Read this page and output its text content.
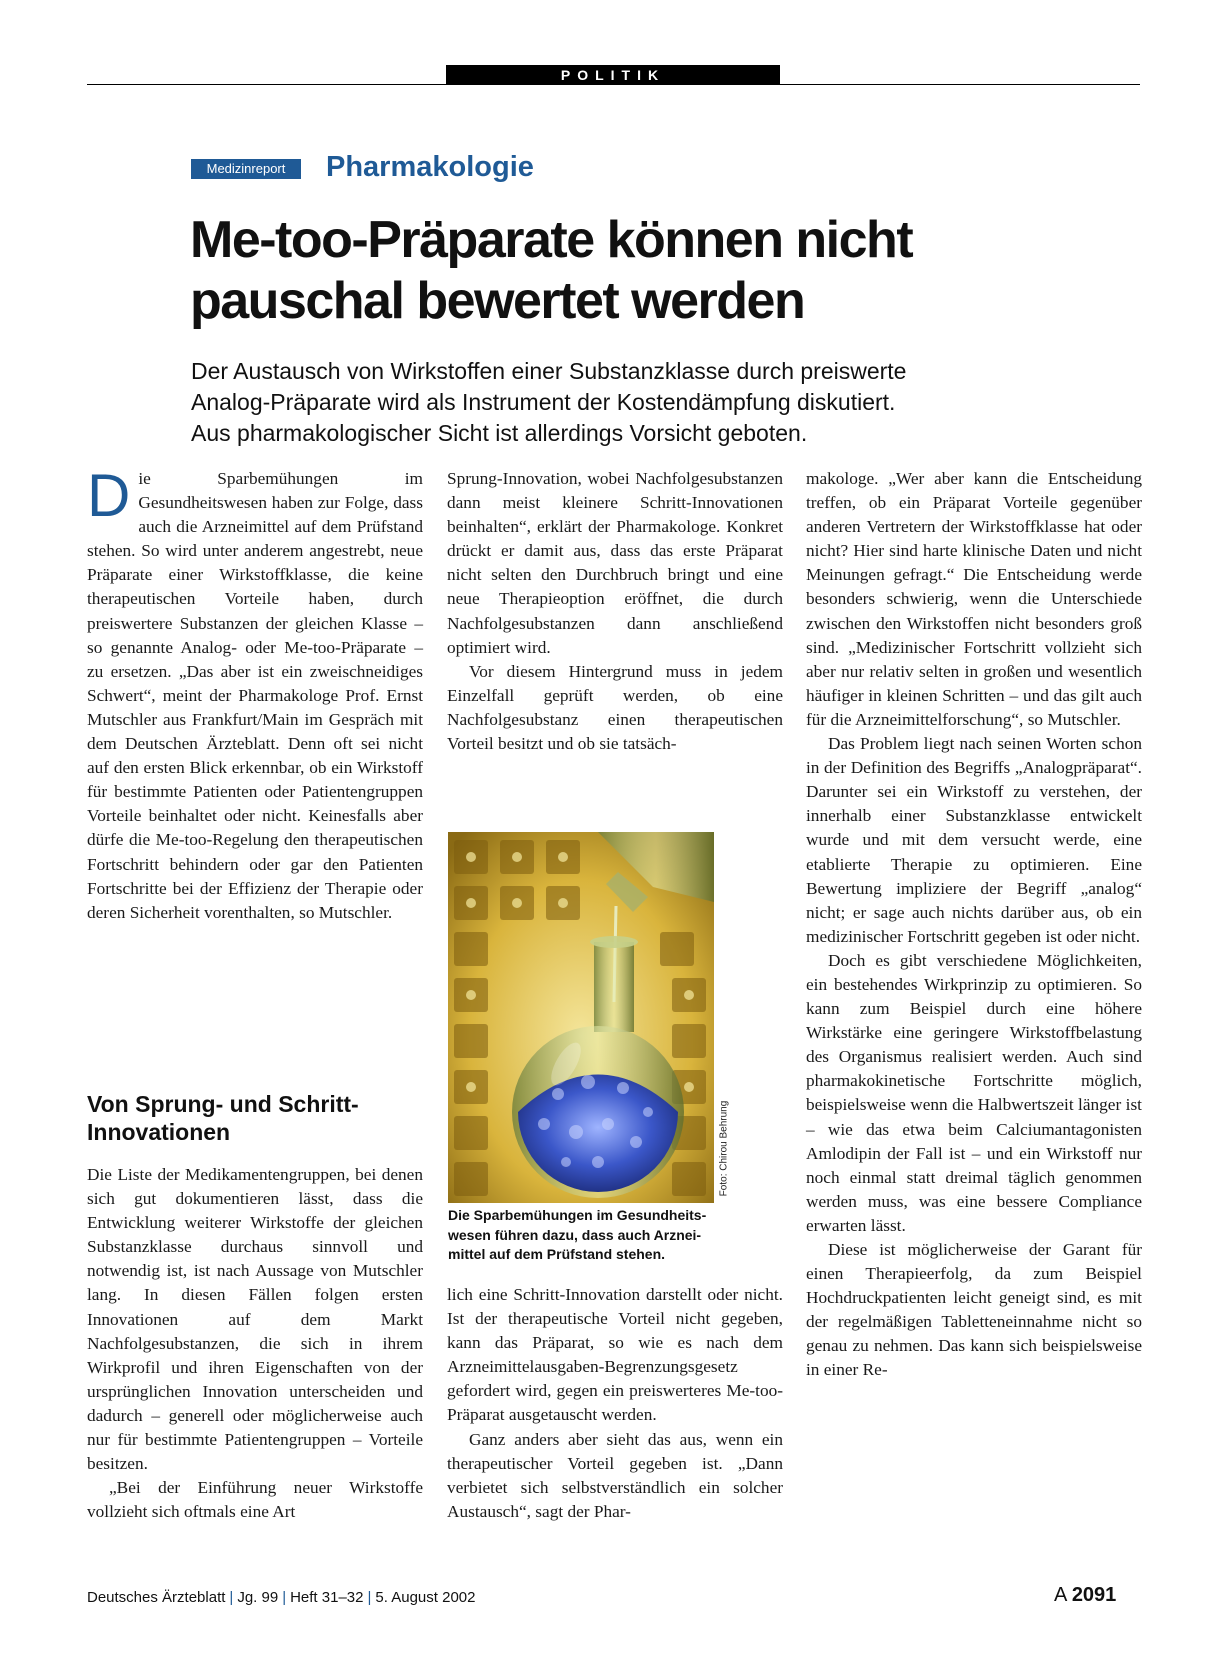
POLITIK
Medizinreport	Pharmakologie
Me-too-Präparate können nicht
pauschal bewertet werden
Der Austausch von Wirkstoffen einer Substanzklasse durch preiswerte
Analog-Präparate wird als Instrument der Kostendämpfung diskutiert.
Aus pharmakologischer Sicht ist allerdings Vorsicht geboten.

Die Sparbemühungen im Gesundheitswesen haben zur Folge, dass auch die Arzneimittel auf dem Prüfstand stehen. So wird unter anderem angestrebt, neue Präparate einer Wirkstoffklasse, die keine therapeutischen Vorteile haben, durch preiswertere Substanzen der gleichen Klasse – so genannte Analog- oder Me-too-Präparate – zu ersetzen. „Das aber ist ein zweischneidiges Schwert“, meint der Pharmakologe Prof. Ernst Mutschler aus Frankfurt/Main im Gespräch mit dem Deutschen Ärzteblatt. Denn oft sei nicht auf den ersten Blick erkennbar, ob ein Wirkstoff für bestimmte Patienten oder Patientengruppen Vorteile beinhaltet oder nicht. Keinesfalls aber dürfe die Me-too-Regelung den therapeutischen Fortschritt behindern oder gar den Patienten Fortschritte bei der Effizienz der Therapie oder deren Sicherheit vorenthalten, so Mutschler.

Von Sprung- und Schritt-
Innovationen

Die Liste der Medikamentengruppen, bei denen sich gut dokumentieren lässt, dass die Entwicklung weiterer Wirkstoffe der gleichen Substanzklasse durchaus sinnvoll und notwendig ist, ist nach Aussage von Mutschler lang. In diesen Fällen folgen ersten Innovationen auf dem Markt Nachfolgesubstanzen, die sich in ihrem Wirkprofil und ihren Eigenschaften von der ursprünglichen Innovation unterscheiden und dadurch – generell oder möglicherweise auch nur für bestimmte Patientengruppen – Vorteile besitzen.

„Bei der Einführung neuer Wirkstoffe vollzieht sich oftmals eine Art

Sprung-Innovation, wobei Nachfolgesubstanzen dann meist kleinere Schritt-Innovationen beinhalten“, erklärt der Pharmakologe. Konkret drückt er damit aus, dass das erste Präparat nicht selten den Durchbruch bringt und eine neue Therapieoption eröffnet, die durch Nachfolgesubstanzen dann anschließend optimiert wird.

Vor diesem Hintergrund muss in jedem Einzelfall geprüft werden, ob eine Nachfolgesubstanz einen therapeutischen Vorteil besitzt und ob sie tatsäch-

Foto: Chirou Behrung
Die Sparbemühungen im Gesundheits-
wesen führen dazu, dass auch Arznei-
mittel auf dem Prüfstand stehen.

lich eine Schritt-Innovation darstellt oder nicht. Ist der therapeutische Vorteil nicht gegeben, kann das Präparat, so wie es nach dem Arzneimittelausgaben-Begrenzungsgesetz gefordert wird, gegen ein preiswerteres Me-too-Präparat ausgetauscht werden.

Ganz anders aber sieht das aus, wenn ein therapeutischer Vorteil gegeben ist. „Dann verbietet sich selbstverständlich ein solcher Austausch“, sagt der Phar-

makologe. „Wer aber kann die Entscheidung treffen, ob ein Präparat Vorteile gegenüber anderen Vertretern der Wirkstoffklasse hat oder nicht? Hier sind harte klinische Daten und nicht Meinungen gefragt.“ Die Entscheidung werde besonders schwierig, wenn die Unterschiede zwischen den Wirkstoffen nicht besonders groß sind. „Medizinischer Fortschritt vollzieht sich aber nur relativ selten in großen und wesentlich häufiger in kleinen Schritten – und das gilt auch für die Arzneimittelforschung“, so Mutschler.

Das Problem liegt nach seinen Worten schon in der Definition des Begriffs „Analogpräparat“. Darunter sei ein Wirkstoff zu verstehen, der innerhalb einer Substanzklasse entwickelt wurde und mit dem versucht werde, eine etablierte Therapie zu optimieren. Eine Bewertung impliziere der Begriff „analog“ nicht; er sage auch nichts darüber aus, ob ein medizinischer Fortschritt gegeben ist oder nicht.

Doch es gibt verschiedene Möglichkeiten, ein bestehendes Wirkprinzip zu optimieren. So kann zum Beispiel durch eine höhere Wirkstärke eine geringere Wirkstoffbelastung des Organismus realisiert werden. Auch sind pharmakokinetische Fortschritte möglich, beispielsweise wenn die Halbwertszeit länger ist – wie das etwa beim Calciumantagonisten Amlodipin der Fall ist – und ein Wirkstoff nur noch einmal statt dreimal täglich genommen werden muss, was eine bessere Compliance erwarten lässt.

Diese ist möglicherweise der Garant für einen Therapieerfolg, da zum Beispiel Hochdruckpatienten leicht geneigt sind, es mit der regelmäßigen Tabletteneinnahme nicht so genau zu nehmen. Das kann sich beispielsweise in einer Re-

Deutsches Ärzteblatt | Jg. 99 | Heft 31–32 | 5. August 2002	A 2091
